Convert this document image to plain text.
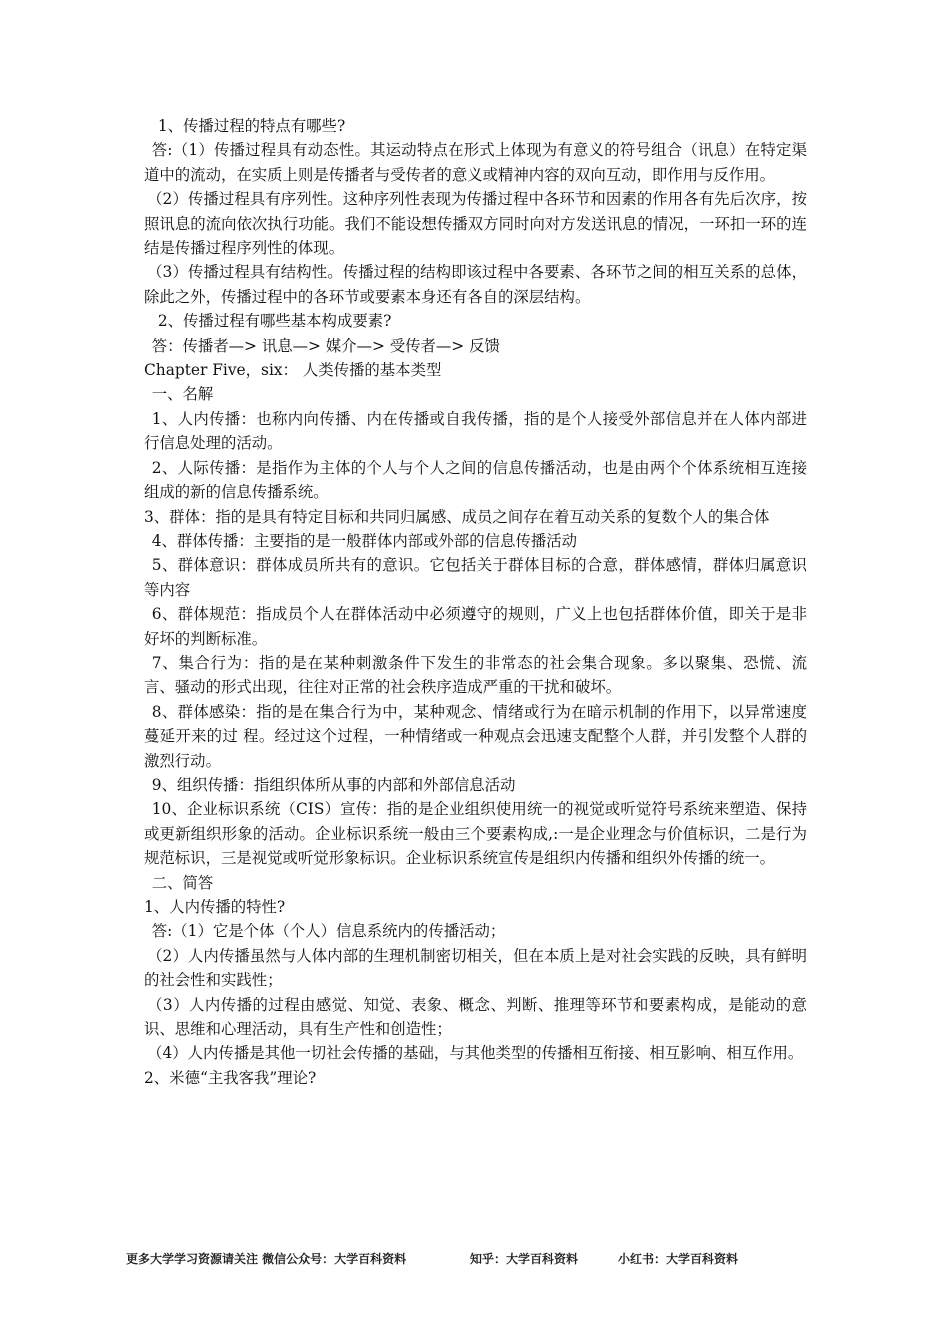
1、传播过程的特点有哪些?

答:（1）传播过程具有动态性。其运动特点在形式上体现为有意义的符号组合（讯息）在特定渠道中的流动，在实质上则是传播者与受传者的意义或精神内容的双向互动，即作用与反作用。

（2）传播过程具有序列性。这种序列性表现为传播过程中各环节和因素的作用各有先后次序，按照讯息的流向依次执行功能。我们不能设想传播双方同时向对方发送讯息的情况，一环扣一环的连结是传播过程序列性的体现。

（3）传播过程具有结构性。传播过程的结构即该过程中各要素、各环节之间的相互关系的总体，除此之外，传播过程中的各环节或要素本身还有各自的深层结构。

2、传播过程有哪些基本构成要素?

答：传播者—> 讯息—> 媒介—> 受传者—> 反馈

Chapter Five，six： 人类传播的基本类型

一、名解

1、人内传播：也称内向传播、内在传播或自我传播，指的是个人接受外部信息并在人体内部进行信息处理的活动。

2、人际传播：是指作为主体的个人与个人之间的信息传播活动，也是由两个个体系统相互连接组成的新的信息传播系统。

3、群体：指的是具有特定目标和共同归属感、成员之间存在着互动关系的复数个人的集合体

4、群体传播：主要指的是一般群体内部或外部的信息传播活动

5、群体意识：群体成员所共有的意识。它包括关于群体目标的合意，群体感情，群体归属意识等内容

6、群体规范：指成员个人在群体活动中必须遵守的规则，广义上也包括群体价值，即关于是非好坏的判断标准。

7、集合行为：指的是在某种刺激条件下发生的非常态的社会集合现象。多以聚集、恐慌、流言、骚动的形式出现，往往对正常的社会秩序造成严重的干扰和破坏。

8、群体感染：指的是在集合行为中，某种观念、情绪或行为在暗示机制的作用下，以异常速度蔓延开来的过 程。经过这个过程，一种情绪或一种观点会迅速支配整个人群，并引发整个人群的激烈行动。

9、组织传播：指组织体所从事的内部和外部信息活动

10、企业标识系统（CIS）宣传：指的是企业组织使用统一的视觉或听觉符号系统来塑造、保持或更新组织形象的活动。企业标识系统一般由三个要素构成,:一是企业理念与价值标识，二是行为规范标识，三是视觉或听觉形象标识。企业标识系统宣传是组织内传播和组织外传播的统一。

二、简答

1、人内传播的特性?

答:（1）它是个体（个人）信息系统内的传播活动；

（2）人内传播虽然与人体内部的生理机制密切相关，但在本质上是对社会实践的反映，具有鲜明的社会性和实践性；

（3）人内传播的过程由感觉、知觉、表象、概念、判断、推理等环节和要素构成，是能动的意识、思维和心理活动，具有生产性和创造性；

（4）人内传播是其他一切社会传播的基础，与其他类型的传播相互衔接、相互影响、相互作用。

2、米德“主我客我”理论?

更多大学学习资源请关注 微信公众号：大学百科资料	知乎：大学百科资料	小红书：大学百科资料
